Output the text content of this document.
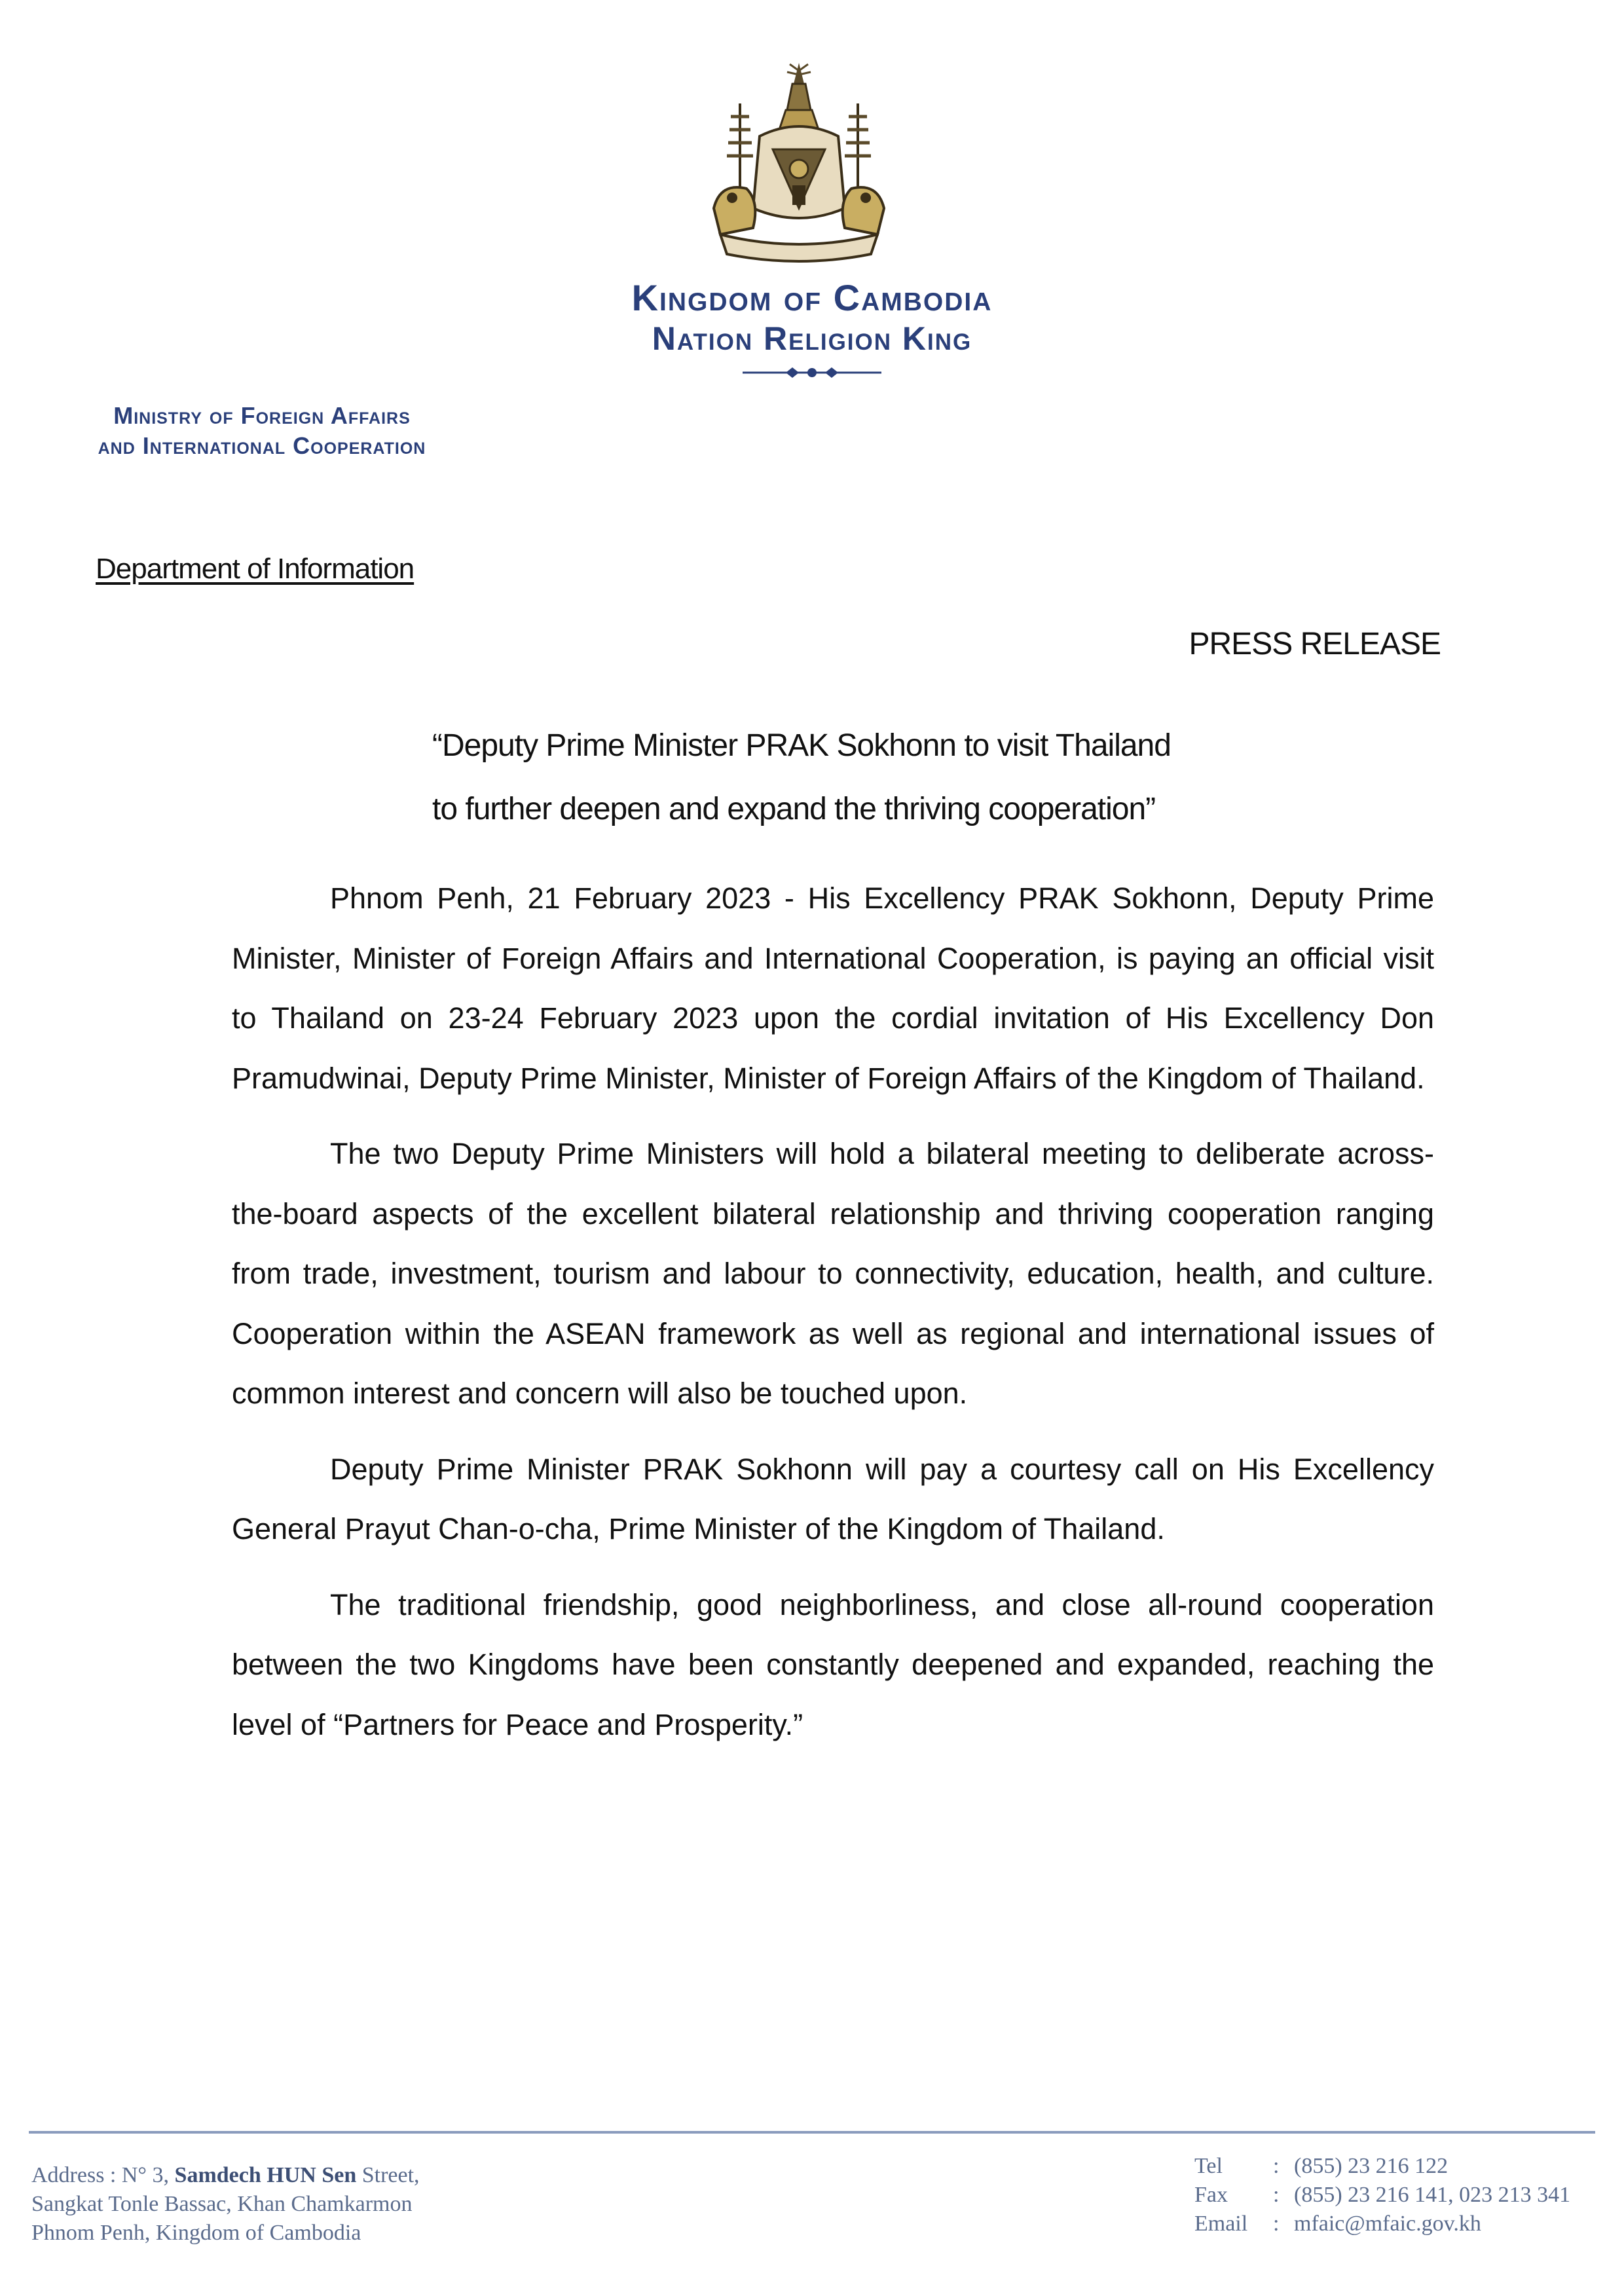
Kingdom of Cambodia
Nation Religion King
Ministry of Foreign Affairs
and International Cooperation
Department of Information
PRESS RELEASE
“Deputy Prime Minister PRAK Sokhonn to visit Thailand
to further deepen and expand the thriving cooperation”

Phnom Penh, 21 February 2023 - His Excellency PRAK Sokhonn, Deputy Prime Minister, Minister of Foreign Affairs and International Cooperation, is paying an official visit to Thailand on 23-24 February 2023 upon the cordial invitation of His Excellency Don Pramudwinai, Deputy Prime Minister, Minister of Foreign Affairs of the Kingdom of Thailand.

The two Deputy Prime Ministers will hold a bilateral meeting to deliberate across-the-board aspects of the excellent bilateral relationship and thriving cooperation ranging from trade, investment, tourism and labour to connectivity, education, health, and culture. Cooperation within the ASEAN framework as well as regional and international issues of common interest and concern will also be touched upon.

Deputy Prime Minister PRAK Sokhonn will pay a courtesy call on His Excellency General Prayut Chan-o-cha, Prime Minister of the Kingdom of Thailand.

The traditional friendship, good neighborliness, and close all-round cooperation between the two Kingdoms have been constantly deepened and expanded, reaching the level of “Partners for Peace and Prosperity.”

Address : N° 3, Samdech HUN Sen Street,
Sangkat Tonle Bassac, Khan Chamkarmon
Phnom Penh, Kingdom of Cambodia
Tel	: (855) 23 216 122
Fax	: (855) 23 216 141, 023 213 341
Email	: mfaic@mfaic.gov.kh
